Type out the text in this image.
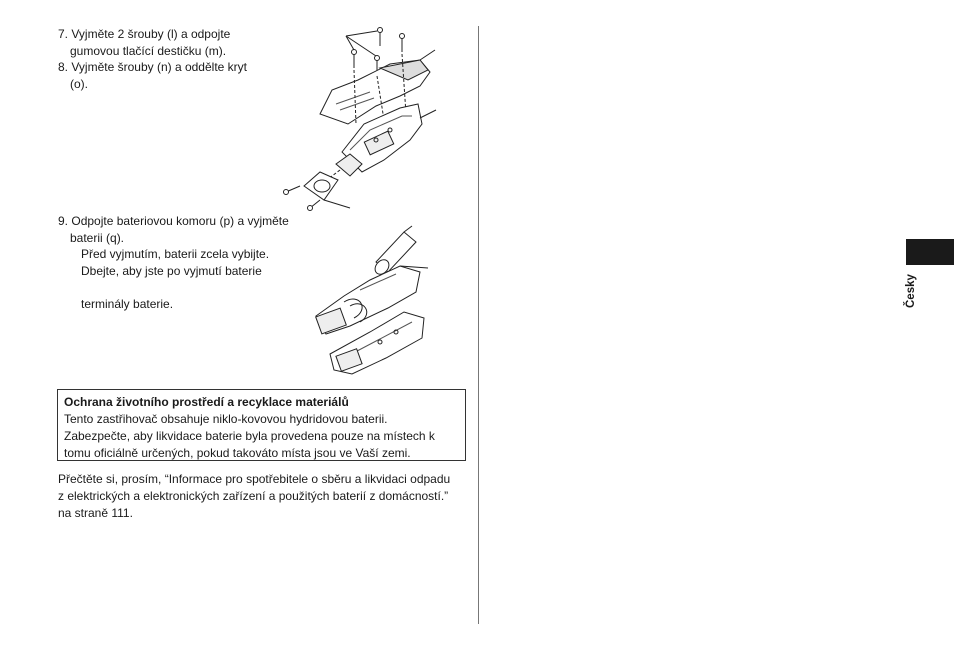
7. Vyjměte 2 šrouby (l) a odpojte
gumovou tlačící destičku (m).
8. Vyjměte šrouby (n) a oddělte kryt
(o).
9. Odpojte bateriovou komoru (p) a vyjměte
baterii (q).
Před vyjmutím, baterii zcela vybijte.
Dbejte, aby jste po vyjmutí baterie
terminály baterie.
Ochrana životního prostředí a recyklace materiálů
Tento zastřihovač obsahuje niklo-kovovou hydridovou baterii.
Zabezpečte, aby likvidace baterie byla provedena pouze na místech k
tomu oficiálně určených, pokud takováto místa jsou ve Vaší zemi.
Přečtěte si, prosím, “Informace pro spotřebitele o sběru a likvidaci odpadu
z elektrických a elektronických zařízení a použitých baterií z domácností.”
na straně 111.
Česky
